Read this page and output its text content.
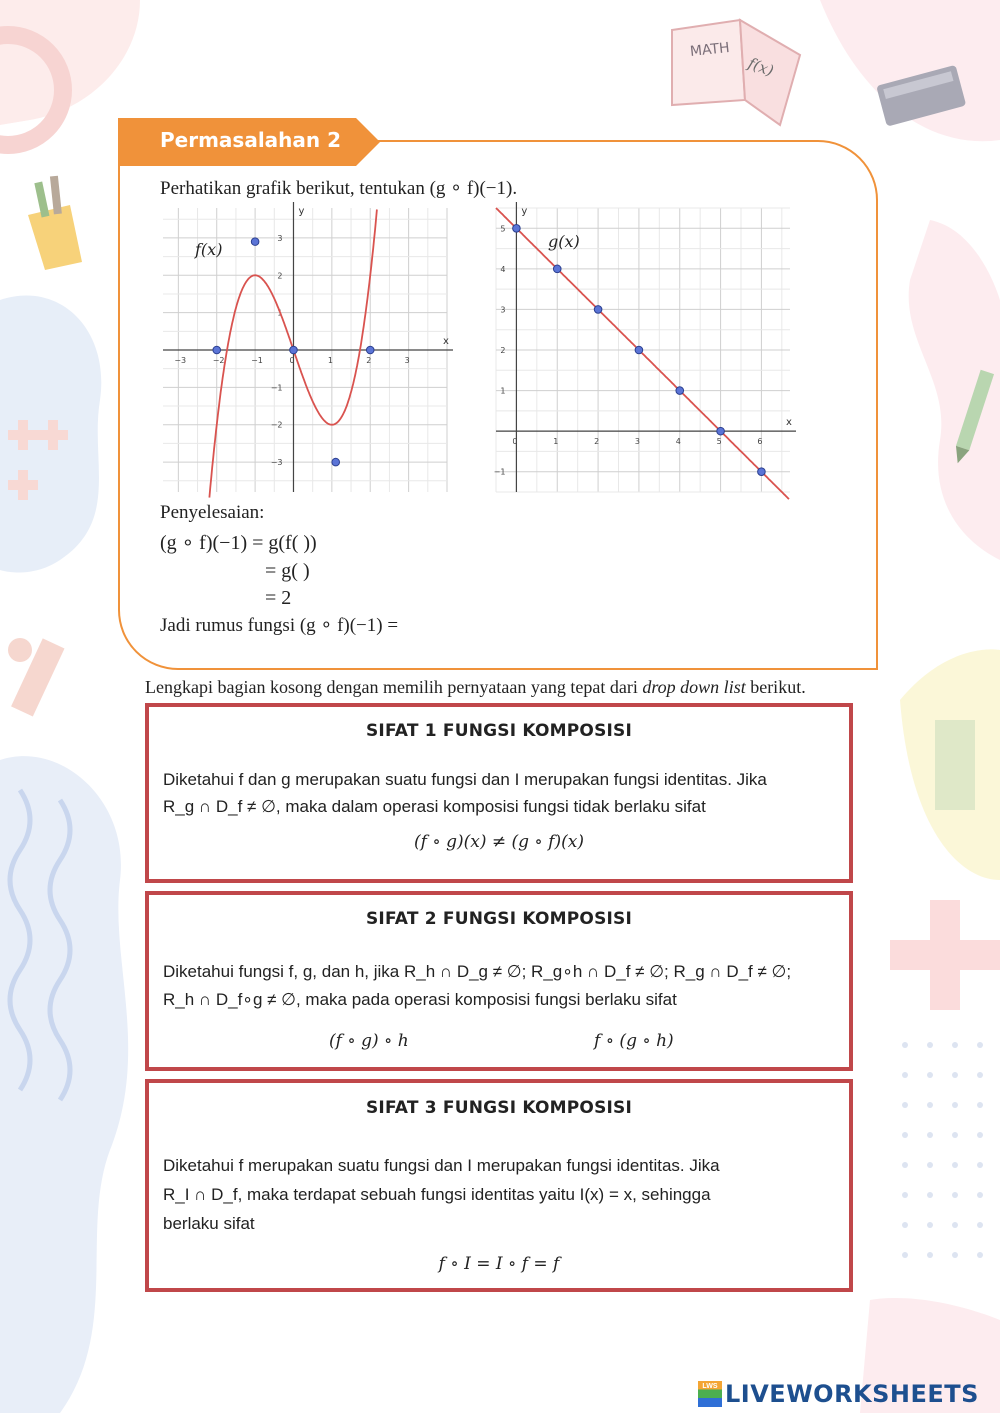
MATH
f(x)
Permasalahan 2
Perhatikan grafik berikut, tentukan (g ∘ f)(−1).
x
y
−3	−2	−1	0	1	2	3
−3
−2
−1
1
2
3
f(x)
x
y
0	1	2	3	4	5	6
−1
1
2
3
4
5
g(x)
Penyelesaian:
(g ∘ f)(−1) = g(f( ))
= g( )
= 2
Jadi rumus fungsi (g ∘ f)(−1) =
Lengkapi bagian kosong dengan memilih pernyataan yang tepat dari drop down list berikut.
SIFAT 1 FUNGSI KOMPOSISI
Diketahui f dan g merupakan suatu fungsi dan I merupakan fungsi identitas. Jika
R_g ∩ D_f ≠ ∅, maka dalam operasi komposisi fungsi tidak berlaku sifat
(f ∘ g)(x) ≠ (g ∘ f)(x)
SIFAT 2 FUNGSI KOMPOSISI
Diketahui fungsi f, g, dan h, jika R_h ∩ D_g ≠ ∅; R_g∘h ∩ D_f ≠ ∅; R_g ∩ D_f ≠ ∅;
R_h ∩ D_f∘g ≠ ∅, maka pada operasi komposisi fungsi berlaku sifat
(f ∘ g) ∘ h	f ∘ (g ∘ h)
SIFAT 3 FUNGSI KOMPOSISI
Diketahui f merupakan suatu fungsi dan I merupakan fungsi identitas. Jika
R_I ∩ D_f, maka terdapat sebuah fungsi identitas yaitu I(x) = x, sehingga
berlaku sifat
f ∘ I = I ∘ f = f
LWS LIVEWORKSHEETS
